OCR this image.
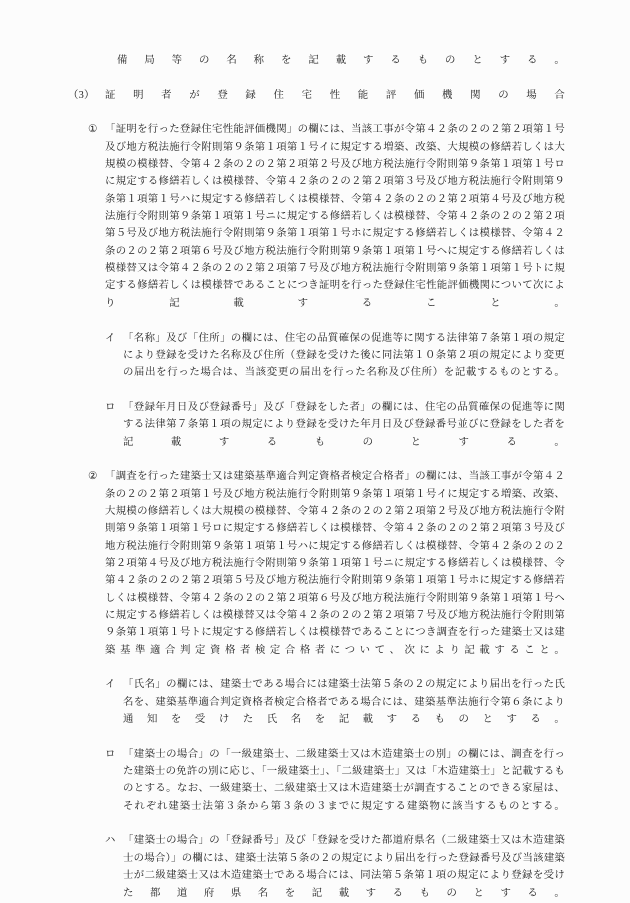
備局等の名称を記載するものとする。
（3） 証明者が登録住宅性能評価機関の場合
① 「証明を行った登録住宅性能評価機関」の欄には、当該工事が令第４２条の２の２第２項第１号及び地方税法施行令附則第９条第１項第１号イに規定する増築、改築、大規模の修繕若しくは大規模の模様替、令第４２条の２の２第２項第２号及び地方税法施行令附則第９条第１項第１号ロに規定する修繕若しくは模様替、令第４２条の２の２第２項第３号及び地方税法施行令附則第９条第１項第１号ハに規定する修繕若しくは模様替、令第４２条の２の２第２項第４号及び地方税法施行令附則第９条第１項第１号ニに規定する修繕若しくは模様替、令第４２条の２の２第２項第５号及び地方税法施行令附則第９条第１項第１号ホに規定する修繕若しくは模様替、令第４２条の２の２第２項第６号及び地方税法施行令附則第９条第１項第１号ヘに規定する修繕若しくは模様替又は令第４２条の２の２第２項第７号及び地方税法施行令附則第９条第１項第１号トに規定する修繕若しくは模様替であることにつき証明を行った登録住宅性能評価機関について次により記載すること。
イ 「名称」及び「住所」の欄には、住宅の品質確保の促進等に関する法律第７条第１項の規定により登録を受けた名称及び住所（登録を受けた後に同法第１０条第２項の規定により変更の届出を行った場合は、当該変更の届出を行った名称及び住所）を記載するものとする。
ロ 「登録年月日及び登録番号」及び「登録をした者」の欄には、住宅の品質確保の促進等に関する法律第７条第１項の規定により登録を受けた年月日及び登録番号並びに登録をした者を記載するものとする。
② 「調査を行った建築士又は建築基準適合判定資格者検定合格者」の欄には、当該工事が令第４２条の２の２第２項第１号及び地方税法施行令附則第９条第１項第１号イに規定する増築、改築、大規模の修繕若しくは大規模の模様替、令第４２条の２の２第２項第２号及び地方税法施行令附則第９条第１項第１号ロに規定する修繕若しくは模様替、令第４２条の２の２第２項第３号及び地方税法施行令附則第９条第１項第１号ハに規定する修繕若しくは模様替、令第４２条の２の２第２項第４号及び地方税法施行令附則第９条第１項第１号ニに規定する修繕若しくは模様替、令第４２条の２の２第２項第５号及び地方税法施行令附則第９条第１項第１号ホに規定する修繕若しくは模様替、令第４２条の２の２第２項第６号及び地方税法施行令附則第９条第１項第１号ヘに規定する修繕若しくは模様替又は令第４２条の２の２第２項第７号及び地方税法施行令附則第９条第１項第１号トに規定する修繕若しくは模様替であることにつき調査を行った建築士又は建築基準適合判定資格者検定合格者について、次により記載すること。
イ 「氏名」の欄には、建築士である場合には建築士法第５条の２の規定により届出を行った氏名を、建築基準適合判定資格者検定合格者である場合には、建築基準法施行令第６条により通知を受けた氏名を記載するものとする。
ロ 「建築士の場合」の「一級建築士、二級建築士又は木造建築士の別」の欄には、調査を行った建築士の免許の別に応じ、「一級建築士」、「二級建築士」又は「木造建築士」と記載するものとする。なお、一級建築士、二級建築士又は木造建築士が調査することのできる家屋は、それぞれ建築士法第３条から第３条の３までに規定する建築物に該当するものとする。
ハ 「建築士の場合」の「登録番号」及び「登録を受けた都道府県名（二級建築士又は木造建築士の場合）」の欄には、建築士法第５条の２の規定により届出を行った登録番号及び当該建築士が二級建築士又は木造建築士である場合には、同法第５条第１項の規定により登録を受けた都道府県名を記載するものとする。
